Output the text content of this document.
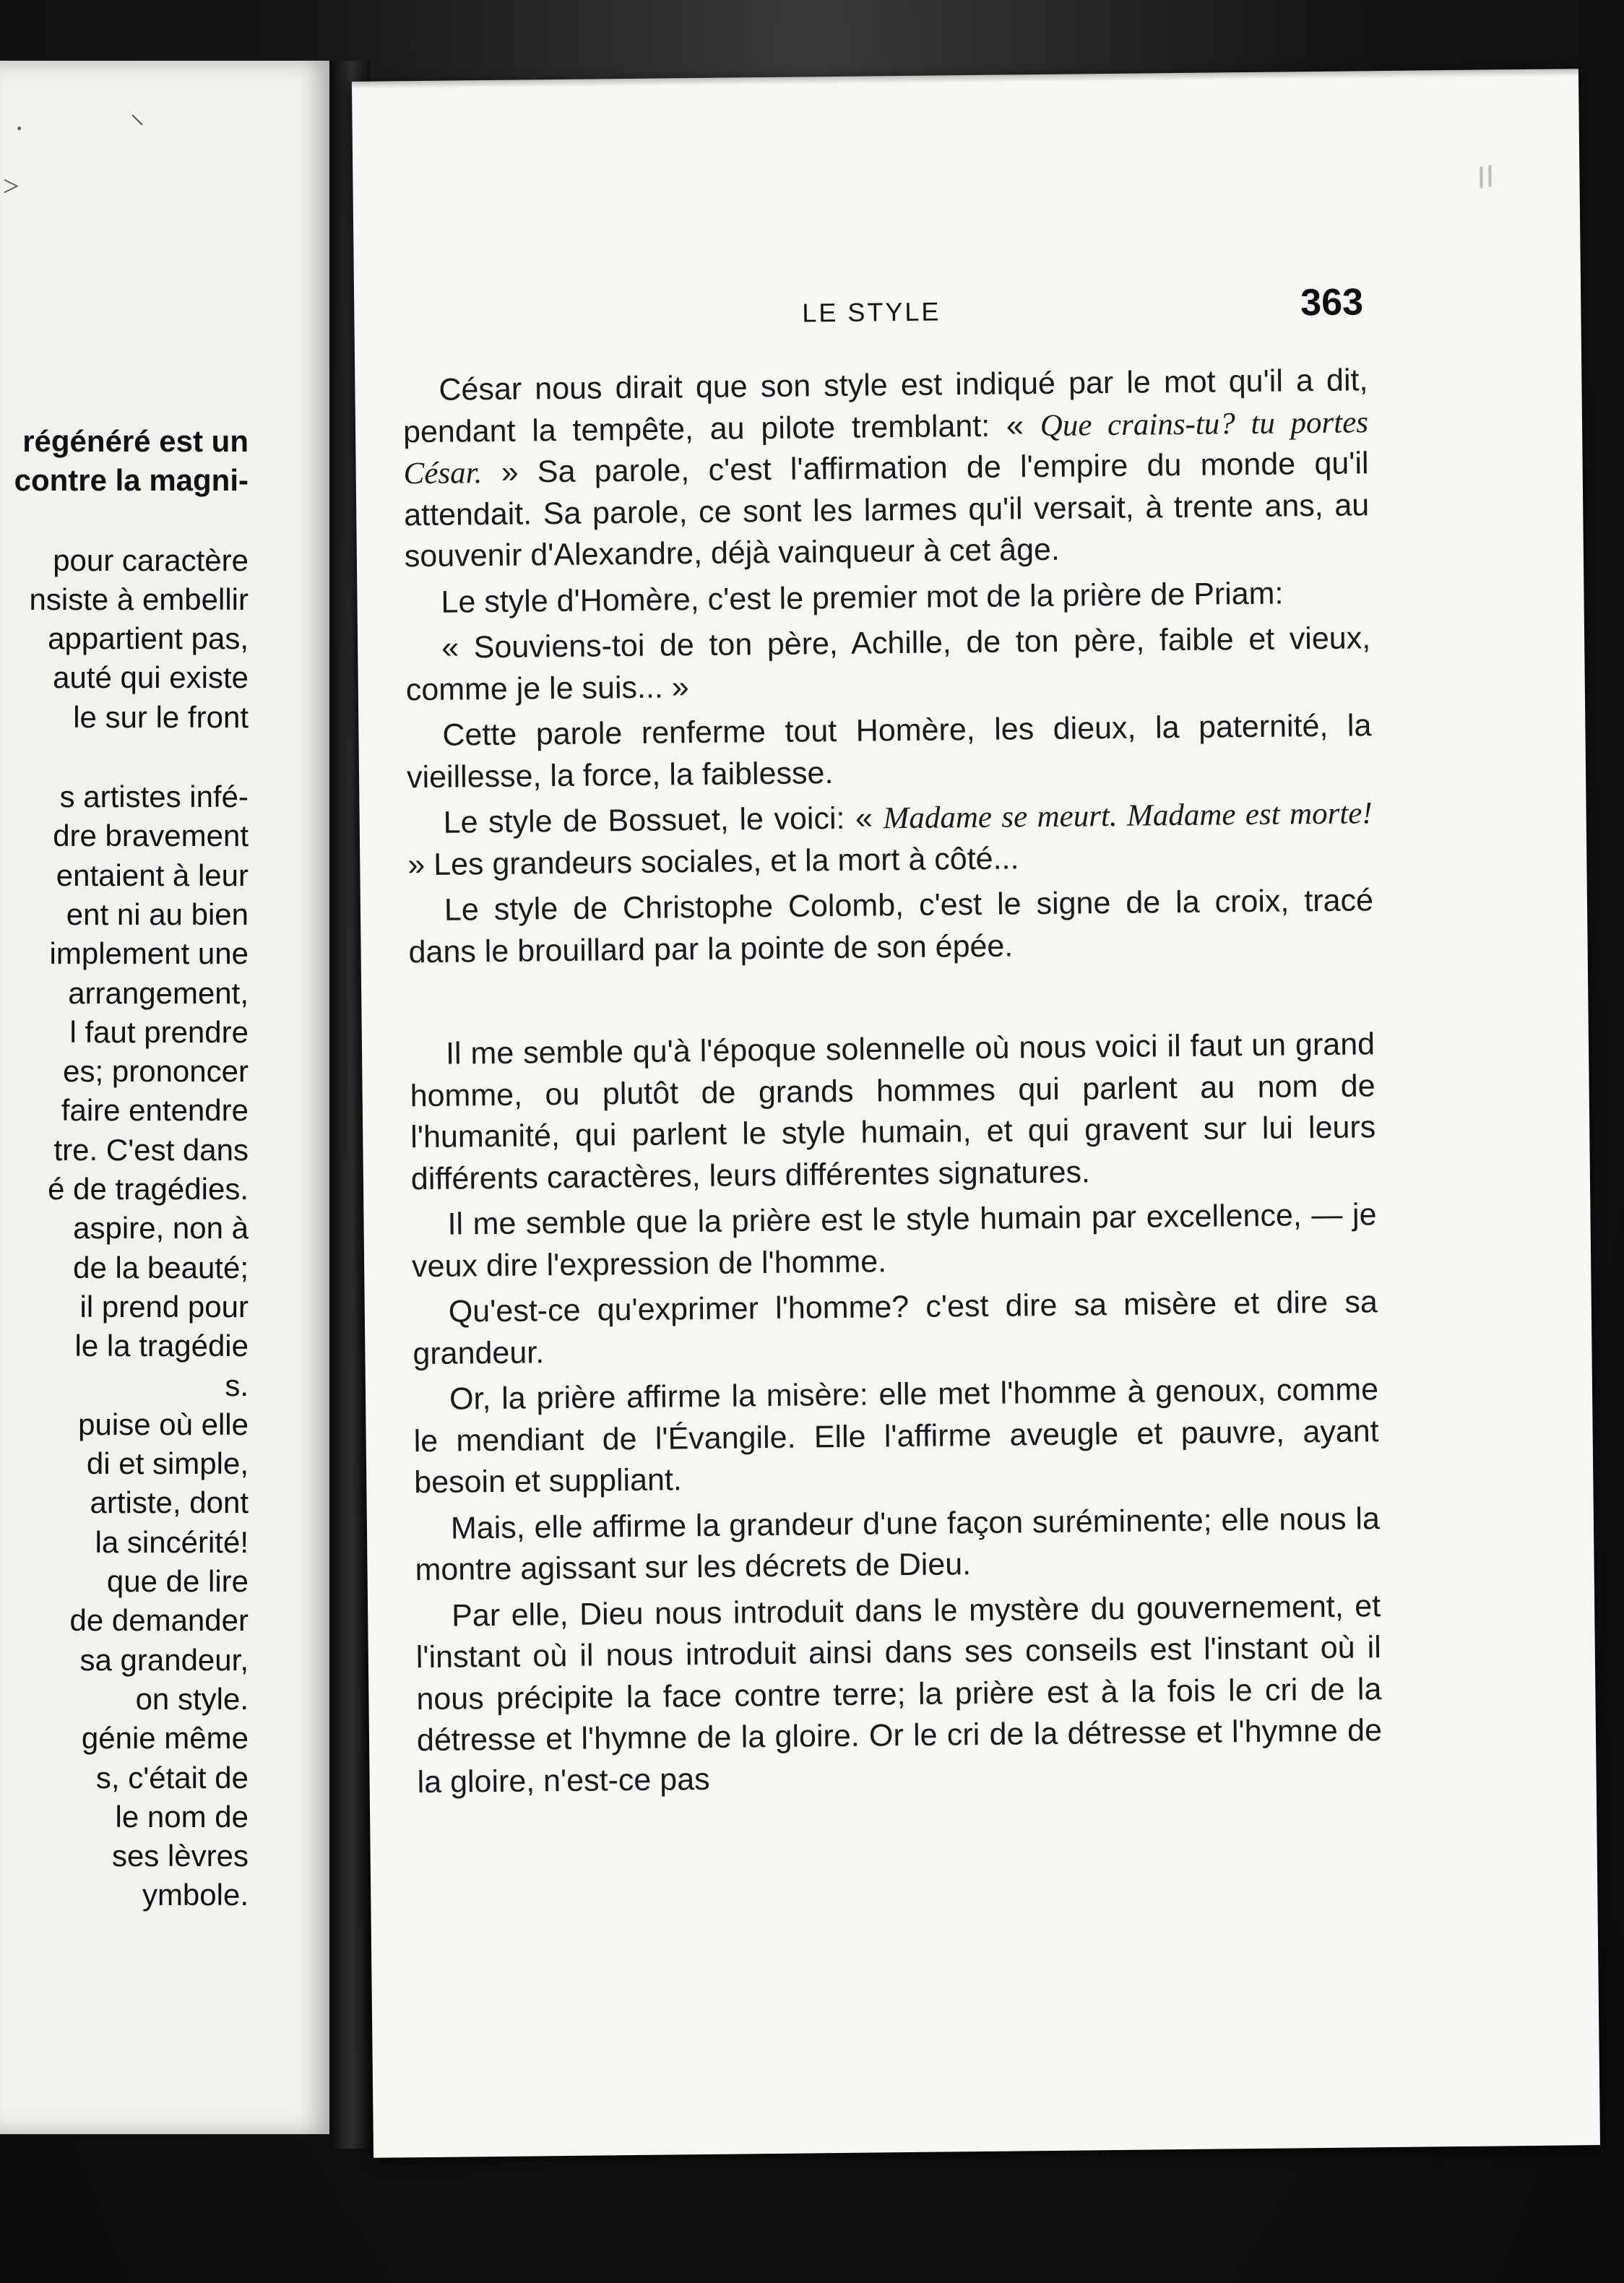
·	⸌
>
régénéré est un
contre la magni-
pour caractère
nsiste à embellir
appartient pas,
auté qui existe
le sur le front
s artistes infé-
dre bravement
entaient à leur
ent ni au bien
implement une
arrangement,
l faut prendre
es; prononcer
faire entendre
tre. C'est dans
é de tragédies.
aspire, non à
de la beauté;
il prend pour
le la tragédie
s.
puise où elle
di et simple,
artiste, dont
la sincérité!
que de lire
de demander
sa grandeur,
on style.
génie même
s, c'était de
le nom de
ses lèvres
ymbole.
LE STYLE	363

César nous dirait que son style est indiqué par le mot qu'il a dit, pendant la tempête, au pilote tremblant: « Que crains-tu? tu portes César. » Sa parole, c'est l'affirmation de l'empire du monde qu'il attendait. Sa parole, ce sont les larmes qu'il versait, à trente ans, au souvenir d'Alexandre, déjà vainqueur à cet âge.

Le style d'Homère, c'est le premier mot de la prière de Priam:

« Souviens-toi de ton père, Achille, de ton père, faible et vieux, comme je le suis... »

Cette parole renferme tout Homère, les dieux, la paternité, la vieillesse, la force, la faiblesse.

Le style de Bossuet, le voici: « Madame se meurt. Madame est morte! » Les grandeurs sociales, et la mort à côté...

Le style de Christophe Colomb, c'est le signe de la croix, tracé dans le brouillard par la pointe de son épée.

Il me semble qu'à l'époque solennelle où nous voici il faut un grand homme, ou plutôt de grands hommes qui parlent au nom de l'humanité, qui parlent le style humain, et qui gravent sur lui leurs différents caractères, leurs différentes signatures.

Il me semble que la prière est le style humain par excellence, — je veux dire l'expression de l'homme.

Qu'est-ce qu'exprimer l'homme? c'est dire sa misère et dire sa grandeur.

Or, la prière affirme la misère: elle met l'homme à genoux, comme le mendiant de l'Évangile. Elle l'affirme aveugle et pauvre, ayant besoin et suppliant.

Mais, elle affirme la grandeur d'une façon suréminente; elle nous la montre agissant sur les décrets de Dieu.

Par elle, Dieu nous introduit dans le mystère du gouvernement, et l'instant où il nous introduit ainsi dans ses conseils est l'instant où il nous précipite la face contre terre; la prière est à la fois le cri de la détresse et l'hymne de la gloire. Or le cri de la détresse et l'hymne de la gloire, n'est-ce pas
